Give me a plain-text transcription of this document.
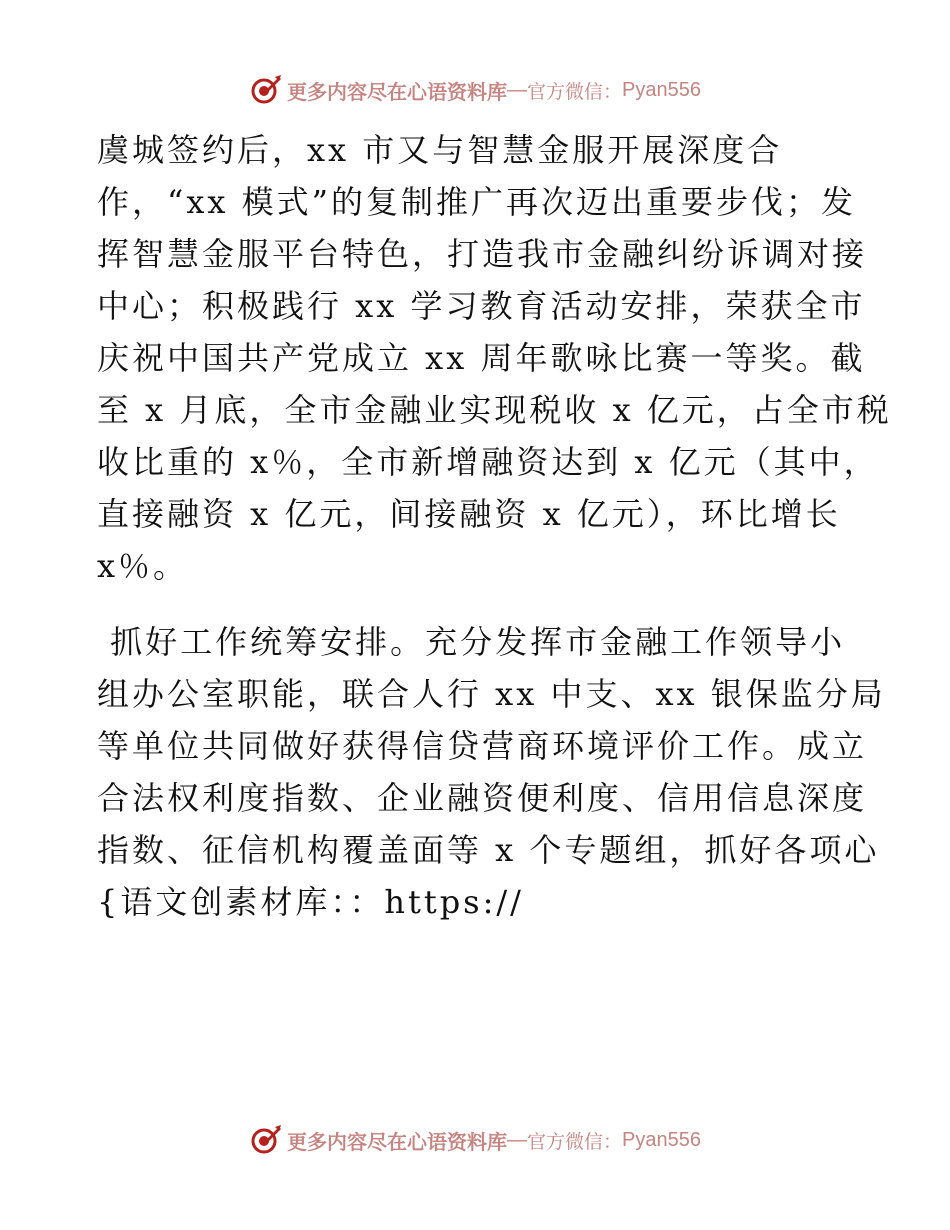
更多内容尽在心语资料库 — 官方微信： Pyan556
虞城签约后，xx 市又与智慧金服开展深度合
作，“xx 模式”的复制推广再次迈出重要步伐；发
挥智慧金服平台特色，打造我市金融纠纷诉调对接
中心；积极践行 xx 学习教育活动安排，荣获全市
庆祝中国共产党成立 xx 周年歌咏比赛一等奖。截
至 x 月底，全市金融业实现税收 x 亿元，占全市税
收比重的 x％，全市新增融资达到 x 亿元（其中，
直接融资 x 亿元，间接融资 x 亿元），环比增长
x％。
抓好工作统筹安排。充分发挥市金融工作领导小
组办公室职能，联合人行 xx 中支、xx 银保监分局
等单位共同做好获得信贷营商环境评价工作。成立
合法权利度指数、企业融资便利度、信用信息深度
指数、征信机构覆盖面等 x 个专题组，抓好各项心
{语文创素材库：：https://
更多内容尽在心语资料库 — 官方微信： Pyan556
